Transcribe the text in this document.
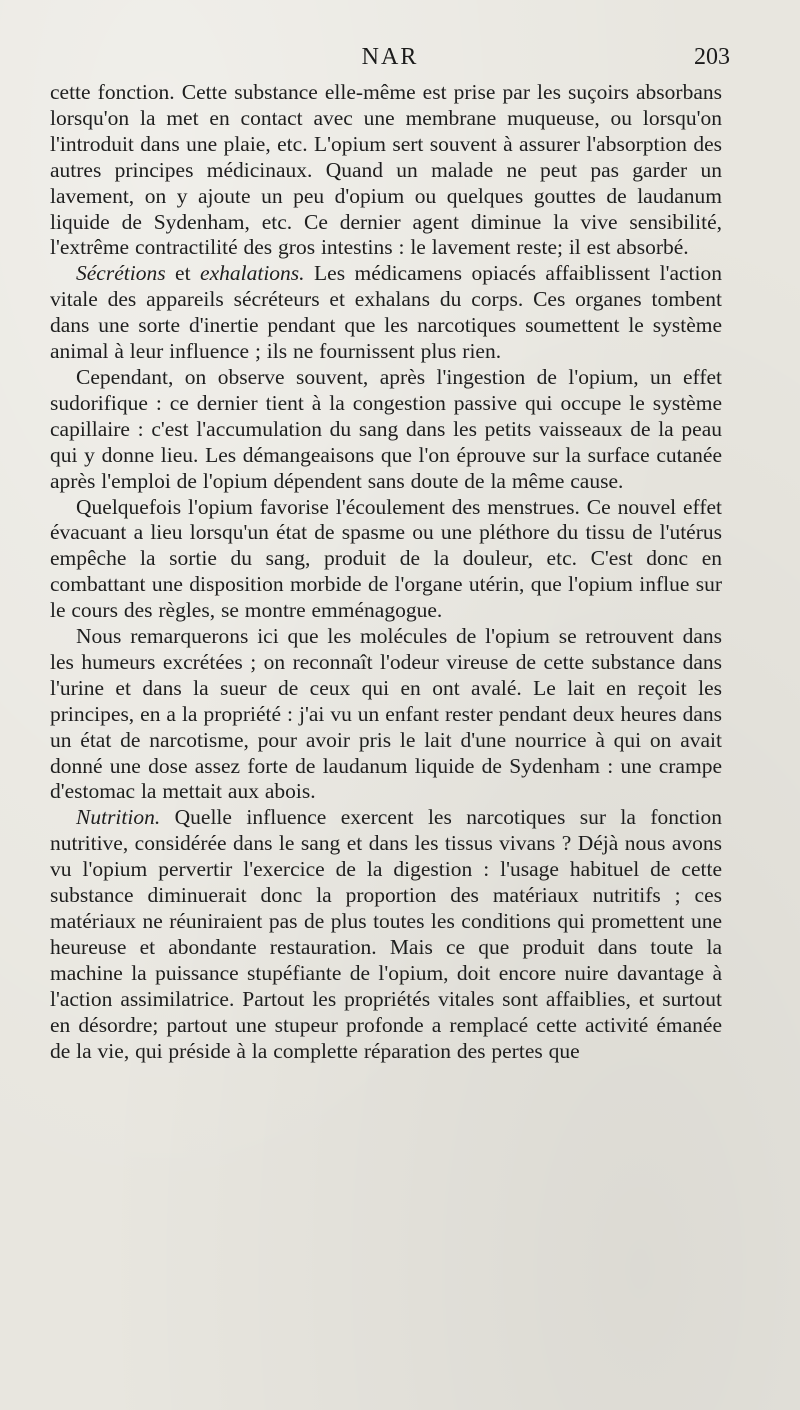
NAR	203

cette fonction. Cette substance elle-même est prise par les suçoirs absorbans lorsqu'on la met en contact avec une membrane muqueuse, ou lorsqu'on l'introduit dans une plaie, etc. L'opium sert souvent à assurer l'absorption des autres principes médicinaux. Quand un malade ne peut pas garder un lavement, on y ajoute un peu d'opium ou quelques gouttes de laudanum liquide de Sydenham, etc. Ce dernier agent diminue la vive sensibilité, l'extrême contractilité des gros intestins : le lavement reste; il est absorbé.

Sécrétions et exhalations. Les médicamens opiacés affaiblissent l'action vitale des appareils sécréteurs et exhalans du corps. Ces organes tombent dans une sorte d'inertie pendant que les narcotiques soumettent le système animal à leur influence ; ils ne fournissent plus rien.

Cependant, on observe souvent, après l'ingestion de l'opium, un effet sudorifique : ce dernier tient à la congestion passive qui occupe le système capillaire : c'est l'accumulation du sang dans les petits vaisseaux de la peau qui y donne lieu. Les démangeaisons que l'on éprouve sur la surface cutanée après l'emploi de l'opium dépendent sans doute de la même cause.

Quelquefois l'opium favorise l'écoulement des menstrues. Ce nouvel effet évacuant a lieu lorsqu'un état de spasme ou une pléthore du tissu de l'utérus empêche la sortie du sang, produit de la douleur, etc. C'est donc en combattant une disposition morbide de l'organe utérin, que l'opium influe sur le cours des règles, se montre emménagogue.

Nous remarquerons ici que les molécules de l'opium se retrouvent dans les humeurs excrétées ; on reconnaît l'odeur vireuse de cette substance dans l'urine et dans la sueur de ceux qui en ont avalé. Le lait en reçoit les principes, en a la propriété : j'ai vu un enfant rester pendant deux heures dans un état de narcotisme, pour avoir pris le lait d'une nourrice à qui on avait donné une dose assez forte de laudanum liquide de Sydenham : une crampe d'estomac la mettait aux abois.

Nutrition. Quelle influence exercent les narcotiques sur la fonction nutritive, considérée dans le sang et dans les tissus vivans ? Déjà nous avons vu l'opium pervertir l'exercice de la digestion : l'usage habituel de cette substance diminuerait donc la proportion des matériaux nutritifs ; ces matériaux ne réuniraient pas de plus toutes les conditions qui promettent une heureuse et abondante restauration. Mais ce que produit dans toute la machine la puissance stupéfiante de l'opium, doit encore nuire davantage à l'action assimilatrice. Partout les propriétés vitales sont affaiblies, et surtout en désordre; partout une stupeur profonde a remplacé cette activité émanée de la vie, qui préside à la complette réparation des pertes que
